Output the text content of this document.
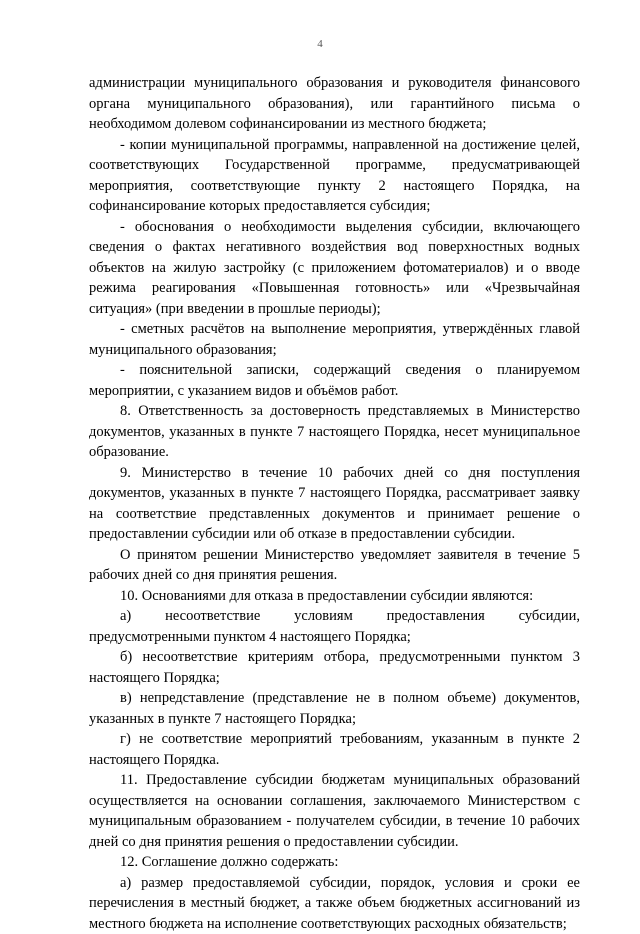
4

администрации муниципального образования и руководителя финансового органа муниципального образования), или гарантийного письма о необходимом долевом софинансировании из местного бюджета;

- копии муниципальной программы, направленной на достижение целей, соответствующих Государственной программе, предусматривающей мероприятия, соответствующие пункту 2 настоящего Порядка, на софинансирование которых предоставляется субсидия;

- обоснования о необходимости выделения субсидии, включающего сведения о фактах негативного воздействия вод поверхностных водных объектов на жилую застройку (с приложением фотоматериалов) и о вводе режима реагирования «Повышенная готовность» или «Чрезвычайная ситуация» (при введении в прошлые периоды);

- сметных расчётов на выполнение мероприятия, утверждённых главой муниципального образования;

- пояснительной записки, содержащий сведения о планируемом мероприятии, с указанием видов и объёмов работ.

8. Ответственность за достоверность представляемых в Министерство документов, указанных в пункте 7 настоящего Порядка, несет муниципальное образование.

9. Министерство в течение 10 рабочих дней со дня поступления документов, указанных в пункте 7 настоящего Порядка, рассматривает заявку на соответствие представленных документов и принимает решение о предоставлении субсидии или об отказе в предоставлении субсидии.

О принятом решении Министерство уведомляет заявителя в течение 5 рабочих дней со дня принятия решения.

10. Основаниями для отказа в предоставлении субсидии являются:

а) несоответствие условиям предоставления субсидии, предусмотренными пунктом 4 настоящего Порядка;

б) несоответствие критериям отбора, предусмотренными пунктом 3 настоящего Порядка;

в) непредставление (представление не в полном объеме) документов, указанных в пункте 7 настоящего Порядка;

г) не соответствие мероприятий требованиям, указанным в пункте 2 настоящего Порядка.

11. Предоставление субсидии бюджетам муниципальных образований осуществляется на основании соглашения, заключаемого Министерством с муниципальным образованием - получателем субсидии, в течение 10 рабочих дней со дня принятия решения о предоставлении субсидии.

12. Соглашение должно содержать:

а) размер предоставляемой субсидии, порядок, условия и сроки ее перечисления в местный бюджет, а также объем бюджетных ассигнований из местного бюджета на исполнение соответствующих расходных обязательств;
